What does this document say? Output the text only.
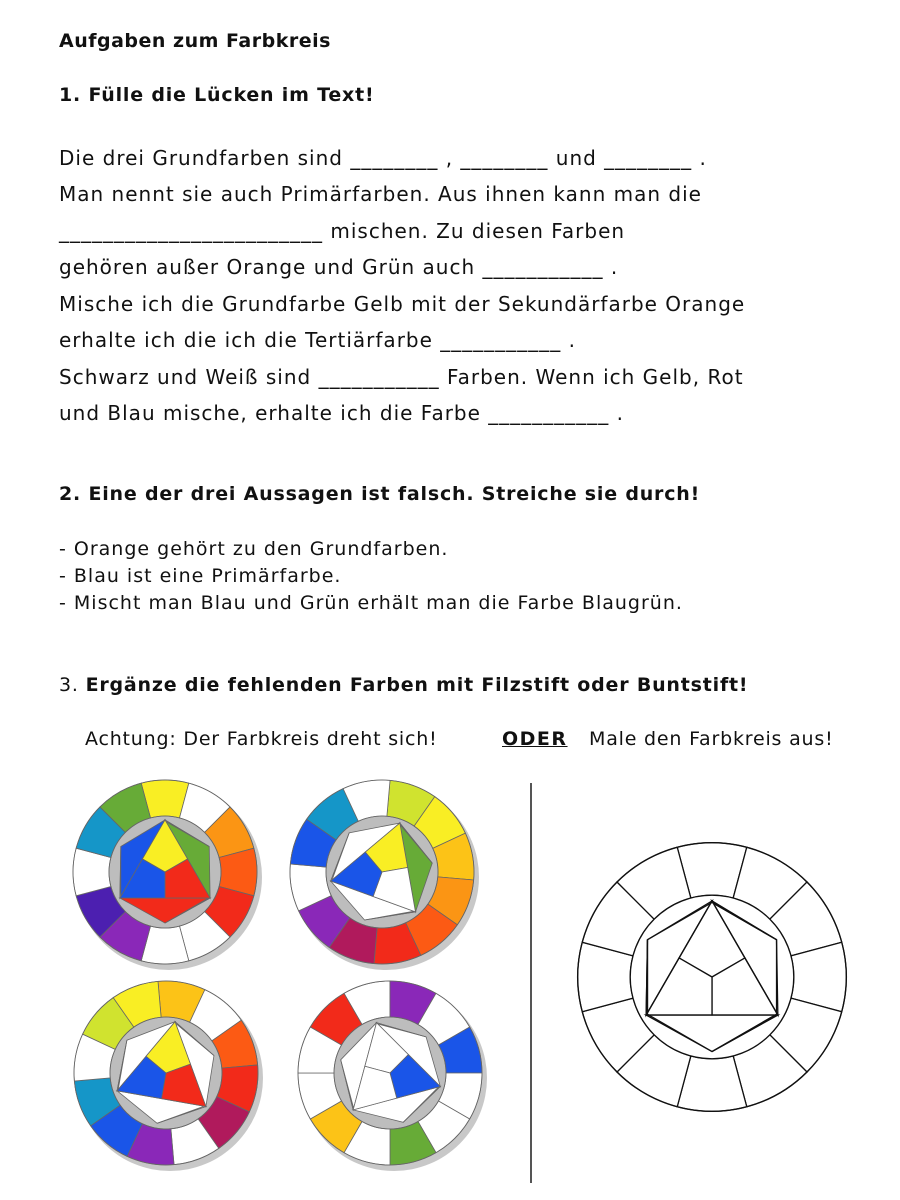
Aufgaben zum Farbkreis
1. Fülle die Lücken im Text!
Die drei Grundfarben sind ________ , ________ und ________ .
Man nennt sie auch Primärfarben. Aus ihnen kann man die
________________________ mischen. Zu diesen Farben
gehören außer Orange und Grün auch ___________ .
Mische ich die Grundfarbe Gelb mit der Sekundärfarbe Orange
erhalte ich die ich die Tertiärfarbe ___________ .
Schwarz und Weiß sind ___________ Farben. Wenn ich Gelb, Rot
und Blau mische, erhalte ich die Farbe ___________ .
2. Eine der drei Aussagen ist falsch. Streiche sie durch!
- Orange gehört zu den Grundfarben.
- Blau ist eine Primärfarbe.
- Mischt man Blau und Grün erhält man die Farbe Blaugrün.
3. Ergänze die fehlenden Farben mit Filzstift oder Buntstift!
Achtung: Der Farbkreis dreht sich!	ODER Male den Farbkreis aus!
